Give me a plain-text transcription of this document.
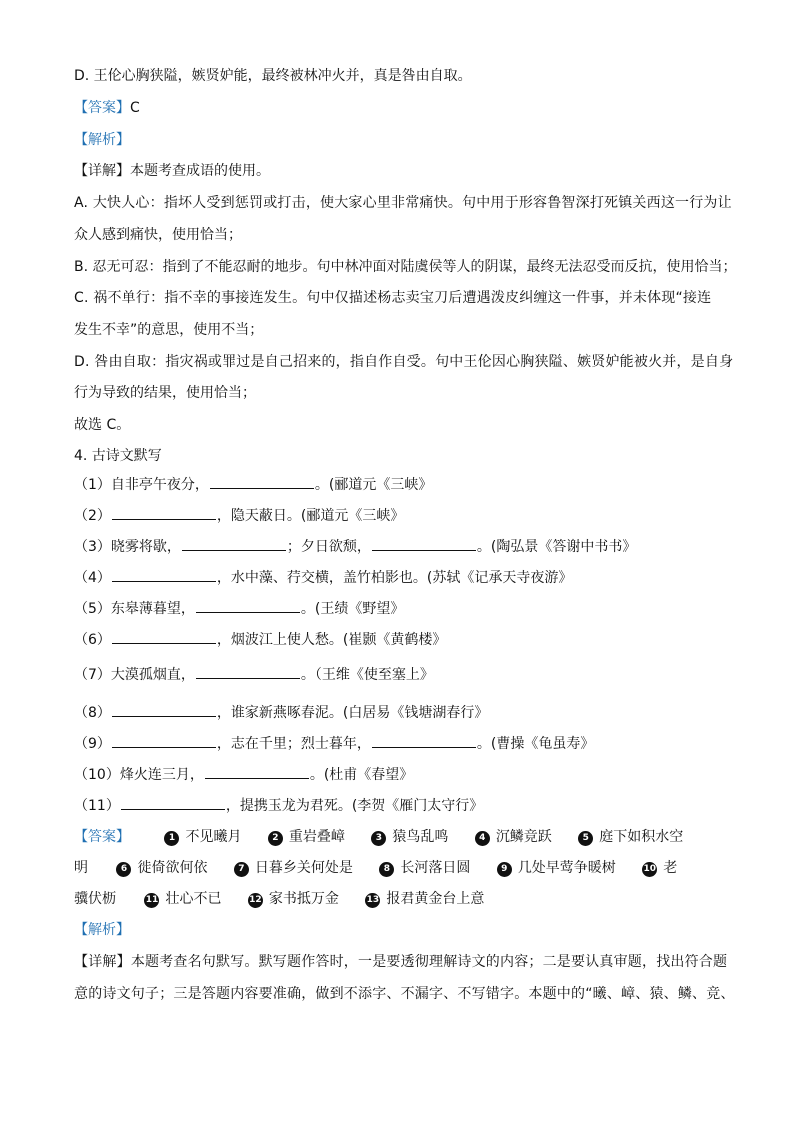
D. 王伦心胸狭隘，嫉贤妒能，最终被林冲火并，真是咎由自取。
【答案】C
【解析】
【详解】本题考查成语的使用。
A. 大快人心：指坏人受到惩罚或打击，使大家心里非常痛快。句中用于形容鲁智深打死镇关西这一行为让
众人感到痛快，使用恰当；
B. 忍无可忍：指到了不能忍耐的地步。句中林冲面对陆虞侯等人的阴谋，最终无法忍受而反抗，使用恰当；
C. 祸不单行：指不幸的事接连发生。句中仅描述杨志卖宝刀后遭遇泼皮纠缠这一件事，并未体现“接连
发生不幸”的意思，使用不当；
D. 咎由自取：指灾祸或罪过是自己招来的，指自作自受。句中王伦因心胸狭隘、嫉贤妒能被火并，是自身
行为导致的结果，使用恰当；
故选 C。
4. 古诗文默写
（1）自非亭午夜分，	。(郦道元《三峡》
（2）	，隐天蔽日。(郦道元《三峡》
（3）晓雾将歇，	；夕日欲颓，	。(陶弘景《答谢中书书》
（4）	，水中藻、荇交横，盖竹柏影也。(苏轼《记承天寺夜游》
（5）东皋薄暮望，	。(王绩《野望》
（6）	，烟波江上使人愁。(崔颢《黄鹤楼》
（7）大漠孤烟直，	。（王维《使至塞上》
（8）	，谁家新燕啄春泥。(白居易《钱塘湖春行》
（9）	，志在千里；烈士暮年，	。(曹操《龟虽寿》
（10）烽火连三月，	。(杜甫《春望》
（11）	，提携玉龙为君死。(李贺《雁门太守行》
【答案】	1 不见曦月	2 重岩叠嶂	3 猿鸟乱鸣	4 沉鳞竞跃	5 庭下如积水空
明	6 徙倚欲何依	7 日暮乡关何处是	8 长河落日圆	9 几处早莺争暖树	10 老
骥伏枥	11 壮心不已	12 家书抵万金	13 报君黄金台上意
【解析】
【详解】本题考查名句默写。默写题作答时，一是要透彻理解诗文的内容；二是要认真审题，找出符合题
意的诗文句子；三是答题内容要准确，做到不添字、不漏字、不写错字。本题中的“曦、嶂、猿、鳞、竞、
